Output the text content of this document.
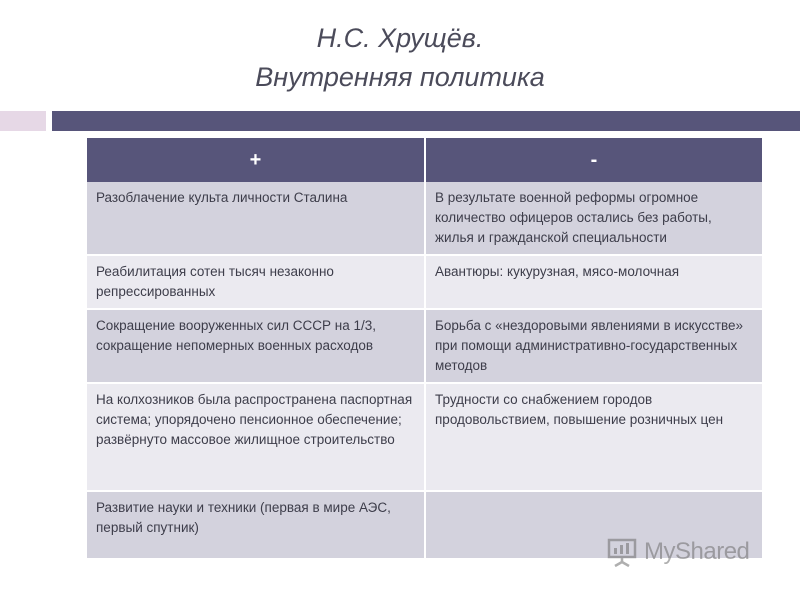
Н.С. Хрущёв.
Внутренняя политика
+	-
Разоблачение культа личности Сталина	В результате военной реформы огромное количество офицеров остались без работы, жилья и гражданской специальности
Реабилитация сотен тысяч незаконно репрессированных	Авантюры: кукурузная, мясо-молочная
Сокращение вооруженных сил СССР на 1/3, сокращение непомерных военных расходов	Борьба с «нездоровыми явлениями в искусстве» при помощи административно-государственных методов
На колхозников была распространена паспортная система; упорядочено пенсионное обеспечение; развёрнуто массовое жилищное строительство	Трудности со снабжением городов продовольствием, повышение розничных цен
Развитие науки и техники (первая в мире АЭС, первый спутник)	
MyShared
